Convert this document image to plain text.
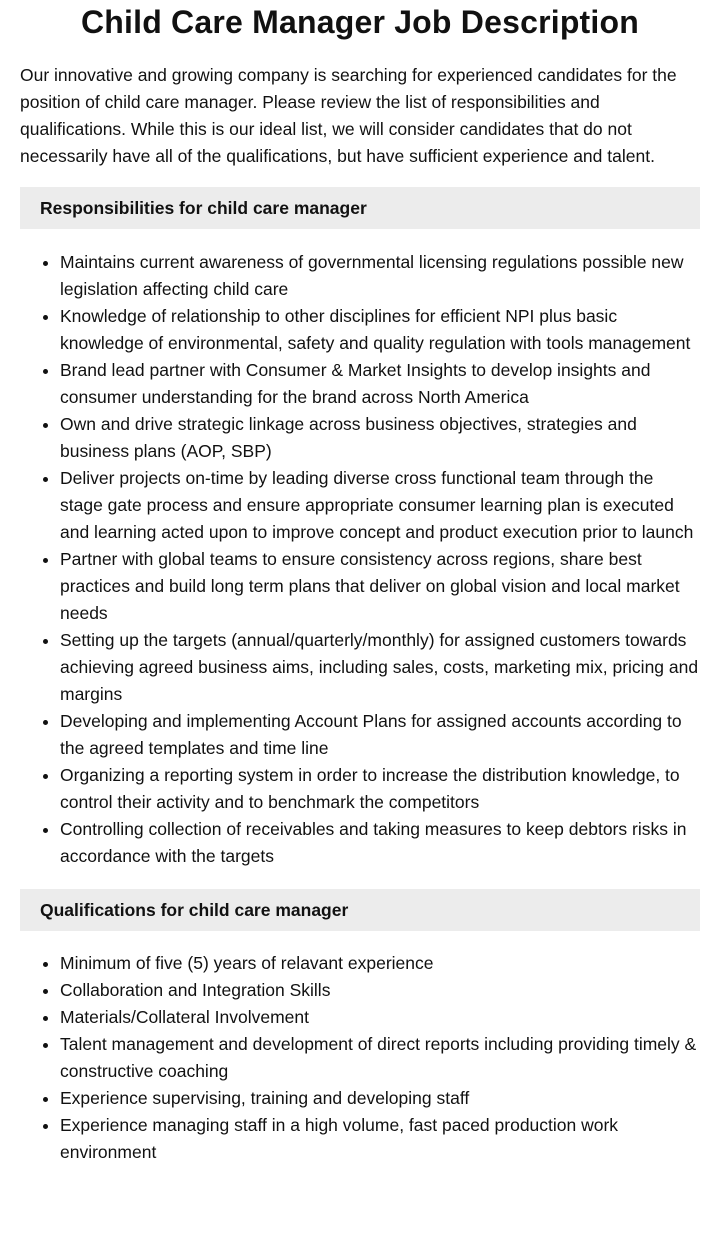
Child Care Manager Job Description

Our innovative and growing company is searching for experienced candidates for the position of child care manager. Please review the list of responsibilities and qualifications. While this is our ideal list, we will consider candidates that do not necessarily have all of the qualifications, but have sufficient experience and talent.

Responsibilities for child care manager
• Maintains current awareness of governmental licensing regulations possible new legislation affecting child care
• Knowledge of relationship to other disciplines for efficient NPI plus basic knowledge of environmental, safety and quality regulation with tools management
• Brand lead partner with Consumer & Market Insights to develop insights and consumer understanding for the brand across North America
• Own and drive strategic linkage across business objectives, strategies and business plans (AOP, SBP)
• Deliver projects on-time by leading diverse cross functional team through the stage gate process and ensure appropriate consumer learning plan is executed and learning acted upon to improve concept and product execution prior to launch
• Partner with global teams to ensure consistency across regions, share best practices and build long term plans that deliver on global vision and local market needs
• Setting up the targets (annual/quarterly/monthly) for assigned customers towards achieving agreed business aims, including sales, costs, marketing mix, pricing and margins
• Developing and implementing Account Plans for assigned accounts according to the agreed templates and time line
• Organizing a reporting system in order to increase the distribution knowledge, to control their activity and to benchmark the competitors
• Controlling collection of receivables and taking measures to keep debtors risks in accordance with the targets
Qualifications for child care manager
• Minimum of five (5) years of relavant experience
• Collaboration and Integration Skills
• Materials/Collateral Involvement
• Talent management and development of direct reports including providing timely & constructive coaching
• Experience supervising, training and developing staff
• Experience managing staff in a high volume, fast paced production work environment
